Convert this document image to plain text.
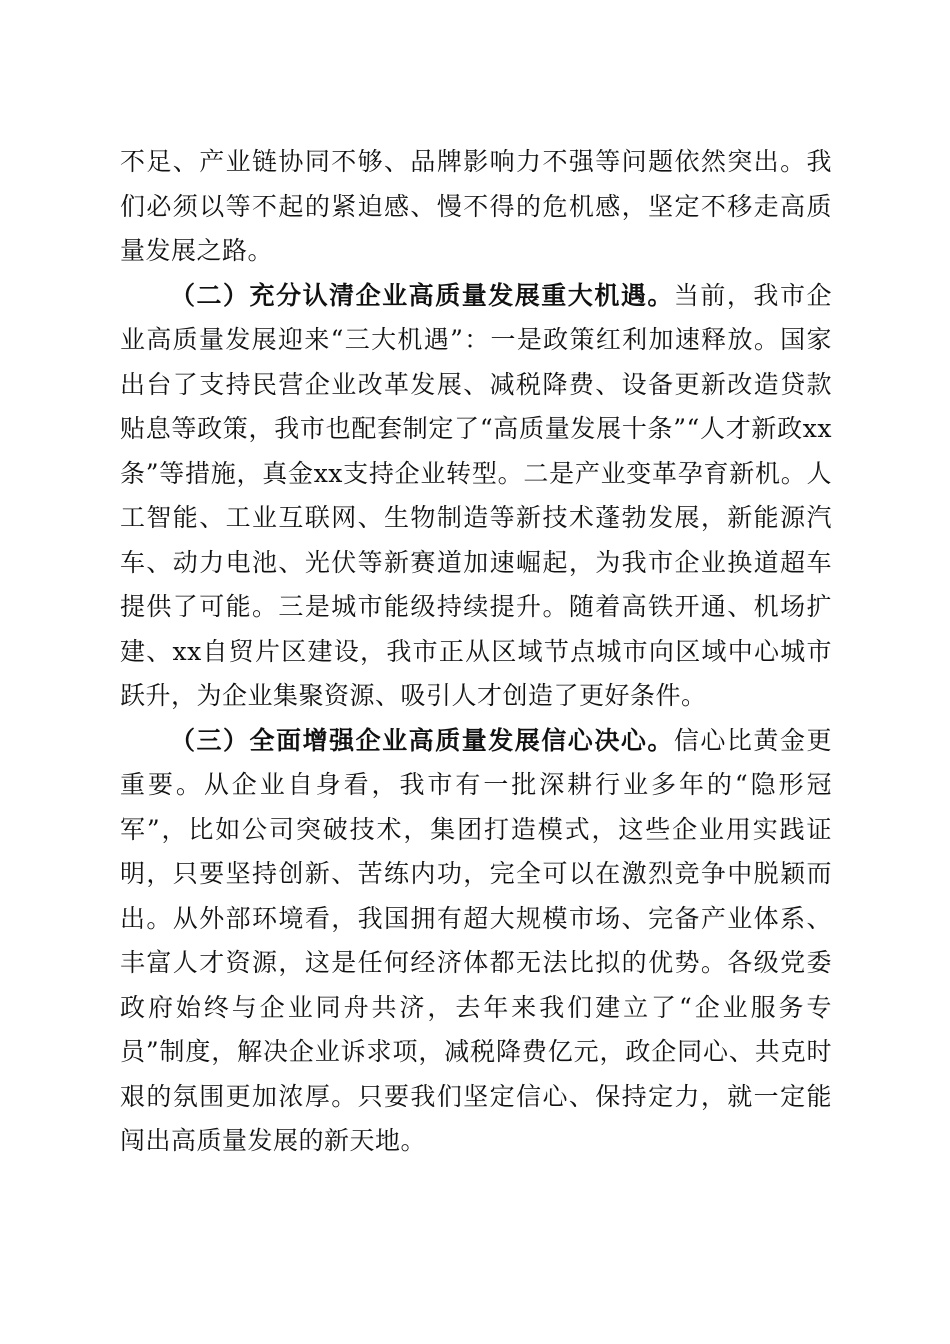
不足、产业链协同不够、品牌影响力不强等问题依然突出。我们必须以等不起的紧迫感、慢不得的危机感，坚定不移走高质量发展之路。

（二）充分认清企业高质量发展重大机遇。当前，我市企业高质量发展迎来“三大机遇”：一是政策红利加速释放。国家出台了支持民营企业改革发展、减税降费、设备更新改造贷款贴息等政策，我市也配套制定了“高质量发展十条”“人才新政xx条”等措施，真金xx支持企业转型。二是产业变革孕育新机。人工智能、工业互联网、生物制造等新技术蓬勃发展，新能源汽车、动力电池、光伏等新赛道加速崛起，为我市企业换道超车提供了可能。三是城市能级持续提升。随着高铁开通、机场扩建、xx自贸片区建设，我市正从区域节点城市向区域中心城市跃升，为企业集聚资源、吸引人才创造了更好条件。

（三）全面增强企业高质量发展信心决心。信心比黄金更重要。从企业自身看，我市有一批深耕行业多年的“隐形冠军”，比如公司突破技术，集团打造模式，这些企业用实践证明，只要坚持创新、苦练内功，完全可以在激烈竞争中脱颖而出。从外部环境看，我国拥有超大规模市场、完备产业体系、丰富人才资源，这是任何经济体都无法比拟的优势。各级党委政府始终与企业同舟共济，去年来我们建立了“企业服务专员”制度，解决企业诉求项，减税降费亿元，政企同心、共克时艰的氛围更加浓厚。只要我们坚定信心、保持定力，就一定能闯出高质量发展的新天地。
